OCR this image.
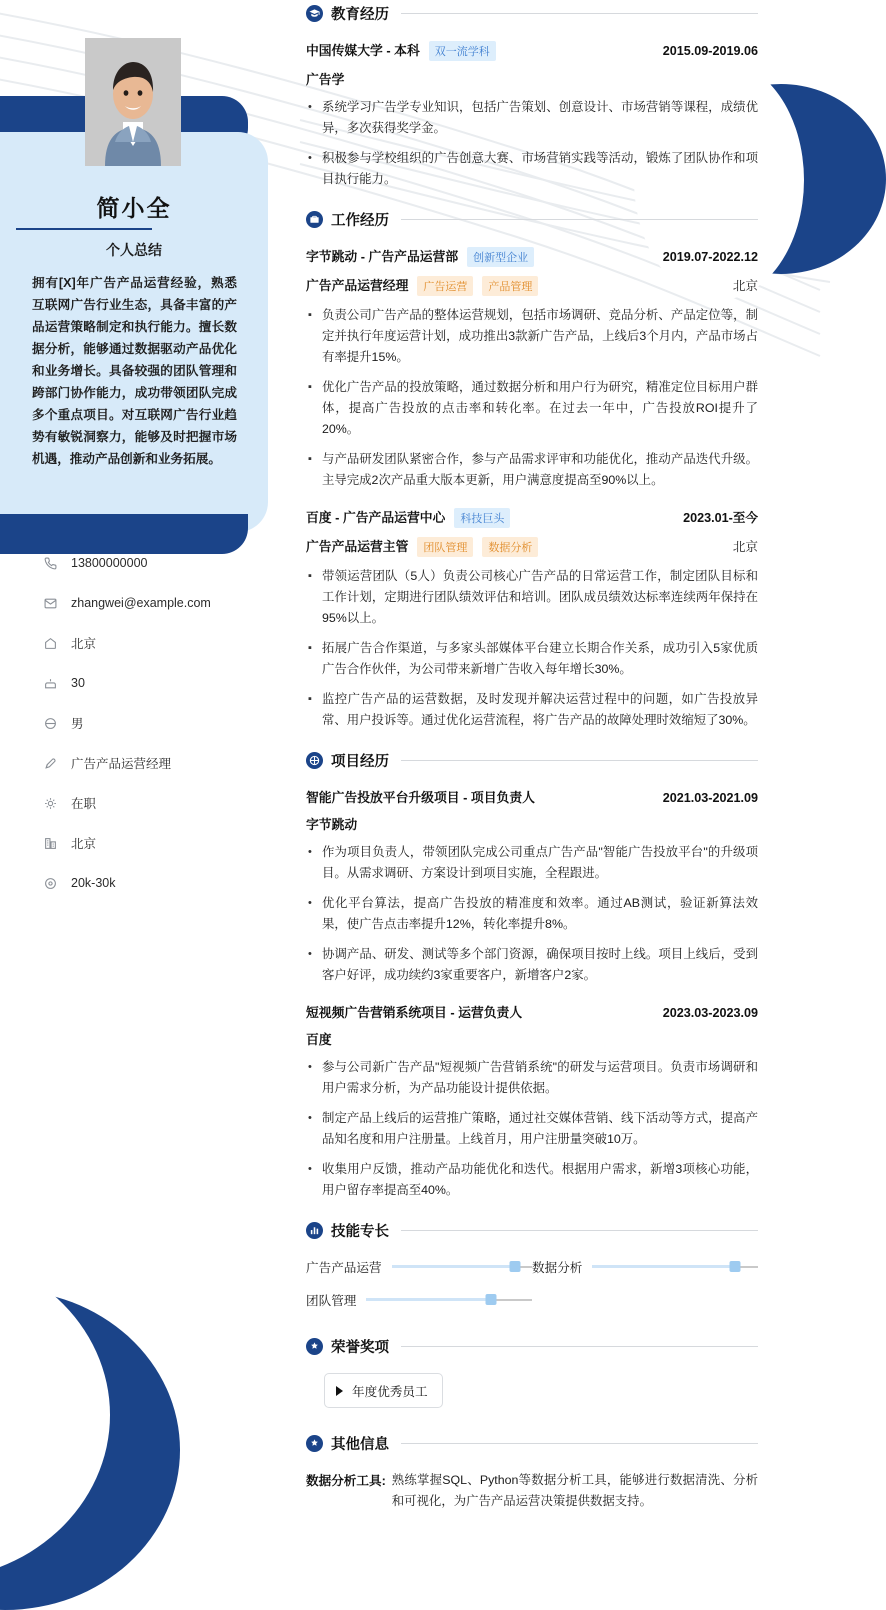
简小全
个人总结
拥有[X]年广告产品运营经验，熟悉互联网广告行业生态，具备丰富的产品运营策略制定和执行能力。擅长数据分析，能够通过数据驱动产品优化和业务增长。具备较强的团队管理和跨部门协作能力，成功带领团队完成多个重点项目。对互联网广告行业趋势有敏锐洞察力，能够及时把握市场机遇，推动产品创新和业务拓展。
13800000000
zhangwei@example.com
北京
30
男
广告产品运营经理
在职
北京
20k-30k
教育经历
中国传媒大学 - 本科	双一流学科	2015.09-2019.06
广告学
• 系统学习广告学专业知识，包括广告策划、创意设计、市场营销等课程，成绩优异，多次获得奖学金。
• 积极参与学校组织的广告创意大赛、市场营销实践等活动，锻炼了团队协作和项目执行能力。
工作经历
字节跳动 - 广告产品运营部	创新型企业	2019.07-2022.12
广告产品运营经理	广告运营	产品管理	北京
▪ 负责公司广告产品的整体运营规划，包括市场调研、竞品分析、产品定位等，制定并执行年度运营计划，成功推出3款新广告产品，上线后3个月内，产品市场占有率提升15%。
▪ 优化广告产品的投放策略，通过数据分析和用户行为研究，精准定位目标用户群体，提高广告投放的点击率和转化率。在过去一年中，广告投放ROI提升了20%。
▪ 与产品研发团队紧密合作，参与产品需求评审和功能优化，推动产品迭代升级。主导完成2次产品重大版本更新，用户满意度提高至90%以上。
百度 - 广告产品运营中心	科技巨头	2023.01-至今
广告产品运营主管	团队管理	数据分析	北京
▪ 带领运营团队（5人）负责公司核心广告产品的日常运营工作，制定团队目标和工作计划，定期进行团队绩效评估和培训。团队成员绩效达标率连续两年保持在95%以上。
▪ 拓展广告合作渠道，与多家头部媒体平台建立长期合作关系，成功引入5家优质广告合作伙伴，为公司带来新增广告收入每年增长30%。
▪ 监控广告产品的运营数据，及时发现并解决运营过程中的问题，如广告投放异常、用户投诉等。通过优化运营流程，将广告产品的故障处理时效缩短了30%。
项目经历
智能广告投放平台升级项目 - 项目负责人	2021.03-2021.09
字节跳动
• 作为项目负责人，带领团队完成公司重点广告产品"智能广告投放平台"的升级项目。从需求调研、方案设计到项目实施，全程跟进。
• 优化平台算法，提高广告投放的精准度和效率。通过AB测试，验证新算法效果，使广告点击率提升12%，转化率提升8%。
• 协调产品、研发、测试等多个部门资源，确保项目按时上线。项目上线后，受到客户好评，成功续约3家重要客户，新增客户2家。
短视频广告营销系统项目 - 运营负责人	2023.03-2023.09
百度
• 参与公司新广告产品"短视频广告营销系统"的研发与运营项目。负责市场调研和用户需求分析，为产品功能设计提供依据。
• 制定产品上线后的运营推广策略，通过社交媒体营销、线下活动等方式，提高产品知名度和用户注册量。上线首月，用户注册量突破10万。
• 收集用户反馈，推动产品功能优化和迭代。根据用户需求，新增3项核心功能，用户留存率提高至40%。
技能专长
广告产品运营	数据分析
团队管理
荣誉奖项
年度优秀员工
其他信息
数据分析工具: 熟练掌握SQL、Python等数据分析工具，能够进行数据清洗、分析和可视化，为广告产品运营决策提供数据支持。
